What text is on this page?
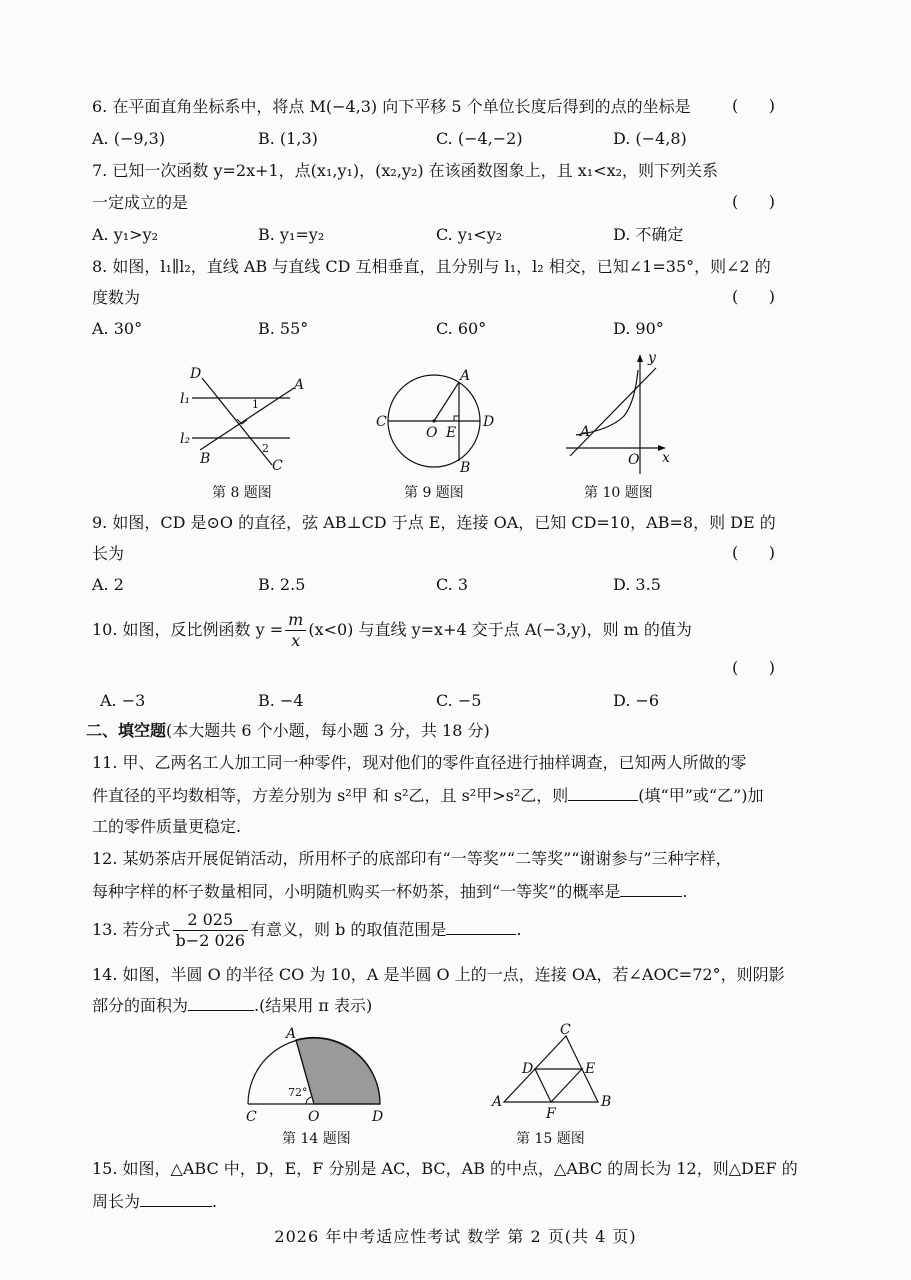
6. 在平面直角坐标系中，将点 M(−4,3) 向下平移 5 个单位长度后得到的点的坐标是	(      )
A. (−9,3)	B. (1,3)	C. (−4,−2)	D. (−4,8)
7. 已知一次函数 y=2x+1，点(x₁,y₁)，(x₂,y₂) 在该函数图象上，且 x₁<x₂，则下列关系
一定成立的是	(      )
A. y₁>y₂	B. y₁=y₂	C. y₁<y₂	D. 不确定
8. 如图，l₁∥l₂，直线 AB 与直线 CD 互相垂直，且分别与 l₁，l₂ 相交，已知∠1=35°，则∠2 的
度数为	(      )
A. 30°	B. 55°	C. 60°	D. 90°
D
A
l₁
l₂
1
2
B	C
第 8 题图
A
C
O E
D
B
第 9 题图
y
A
O x
第 10 题图
9. 如图，CD 是⊙O 的直径，弦 AB⊥CD 于点 E，连接 OA，已知 CD=10，AB=8，则 DE 的
长为	(      )
A. 2	B. 2.5	C. 3	D. 3.5
10. 如图，反比例函数 $y = \frac{m}{x} (x<0)$ 与直线 y=x+4 交于点 A(−3,y)，则 m 的值为
(      )
A. −3	B. −4	C. −5	D. −6
二、填空题(本大题共 6 个小题，每小题 3 分，共 18 分)
11. 甲、乙两名工人加工同一种零件，现对他们的零件直径进行抽样调查，已知两人所做的零
件直径的平均数相等，方差分别为 s²甲 和 s²乙，且 s²甲>s²乙，则	(填“甲”或“乙”)加
工的零件质量更稳定.
12. 某奶茶店开展促销活动，所用杯子的底部印有“一等奖”“二等奖”“谢谢参与”三种字样，
每种字样的杯子数量相同，小明随机购买一杯奶茶，抽到“一等奖”的概率是	.
13. 若分式 $\frac{2 025}{b-2 026}$ 有意义，则 b 的取值范围是	.
14. 如图，半圆 O 的半径 CO 为 10，A 是半圆 O 上的一点，连接 OA，若∠AOC=72°，则阴影
部分的面积为	.(结果用 π 表示)
A
72°
C	O	D
第 14 题图
C
D	E
A
F
B
第 15 题图
15. 如图，△ABC 中，D，E，F 分别是 AC，BC，AB 的中点，△ABC 的周长为 12，则△DEF 的
周长为	.
2026 年中考适应性考试 数学 第 2 页(共 4 页)
